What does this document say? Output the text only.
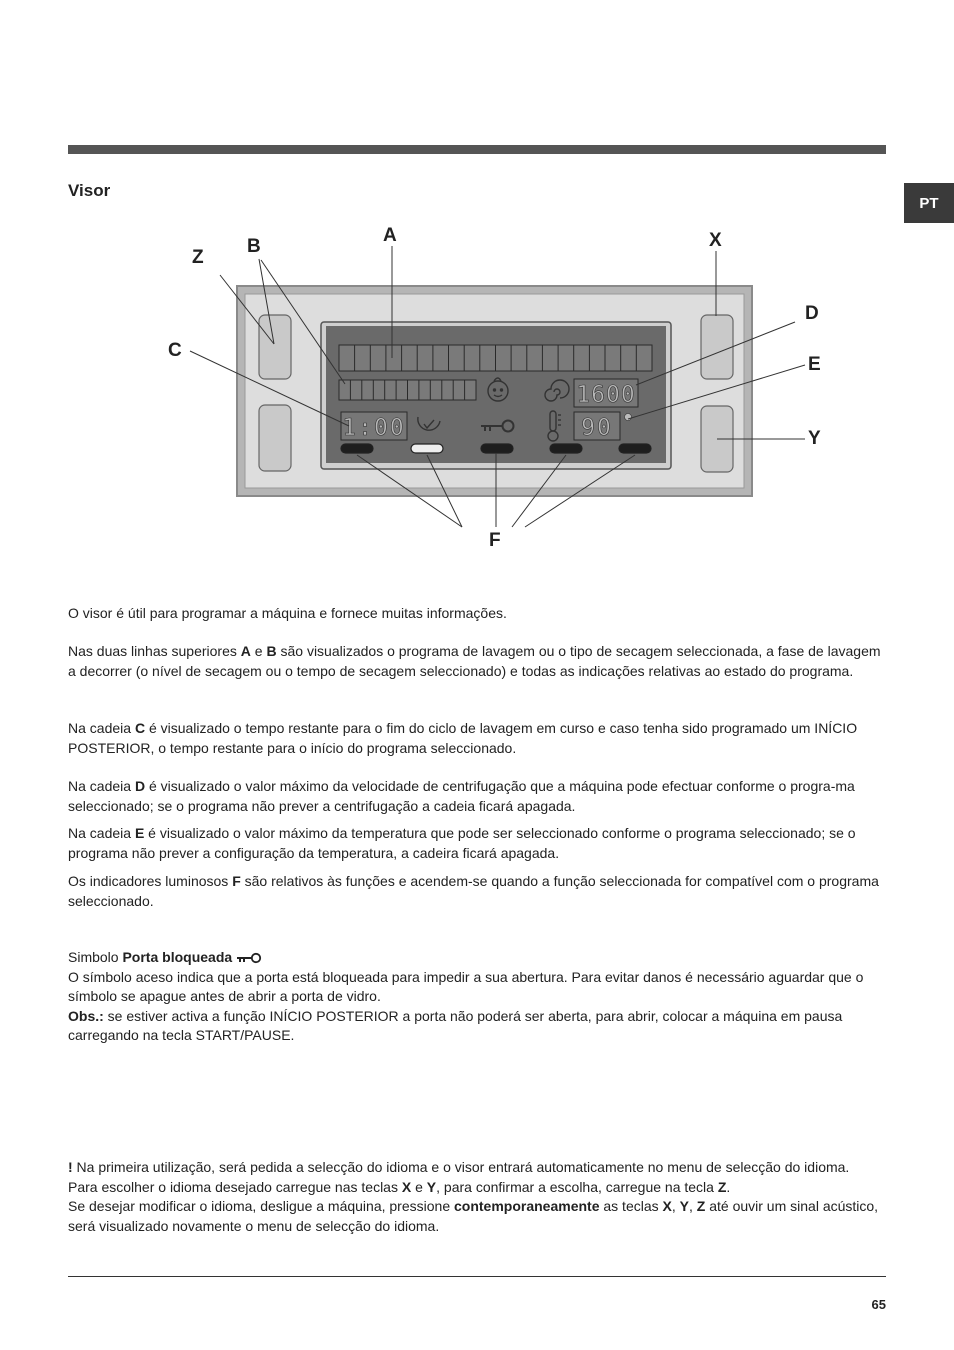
Visor
PT
1600
1:00	90
A
B
Z
C
X
D
E
Y
F

O visor é útil para programar a máquina e fornece muitas informações.

Nas duas linhas superiores A e B são visualizados o programa de lavagem ou o tipo de secagem seleccionada, a fase de lavagem a decorrer (o nível de secagem ou o tempo de secagem seleccionado) e todas as indicações relativas ao estado do programa.

Na cadeia C é visualizado o tempo restante para o fim do ciclo de lavagem em curso e caso tenha sido programado um INÍCIO POSTERIOR, o tempo restante para o início do programa seleccionado.

Na cadeia D é visualizado o valor máximo da velocidade de centrifugação que a máquina pode efectuar conforme o progra-ma seleccionado; se o programa não prever a centrifugação a cadeia ficará apagada.

Na cadeia E é visualizado o valor máximo da temperatura que pode ser seleccionado conforme o programa seleccionado; se o programa não prever a configuração da temperatura, a cadeira ficará apagada.

Os indicadores luminosos F são relativos às funções e acendem-se quando a função seleccionada for compatível com o programa seleccionado.

Simbolo Porta bloqueada
O símbolo aceso indica que a porta está bloqueada para impedir a sua abertura. Para evitar danos é necessário aguardar que o símbolo se apague antes de abrir a porta de vidro.
Obs.: se estiver activa a função INÍCIO POSTERIOR a porta não poderá ser aberta, para abrir, colocar a máquina em pausa carregando na tecla START/PAUSE.

! Na primeira utilização, será pedida a selecção do idioma e o visor entrará automaticamente no menu de selecção do idioma.
Para escolher o idioma desejado carregue nas teclas X e Y, para confirmar a escolha, carregue na tecla Z.
Se desejar modificar o idioma, desligue a máquina, pressione contemporaneamente as teclas X, Y, Z até ouvir um sinal acústico, será visualizado novamente o menu de selecção do idioma.

65
